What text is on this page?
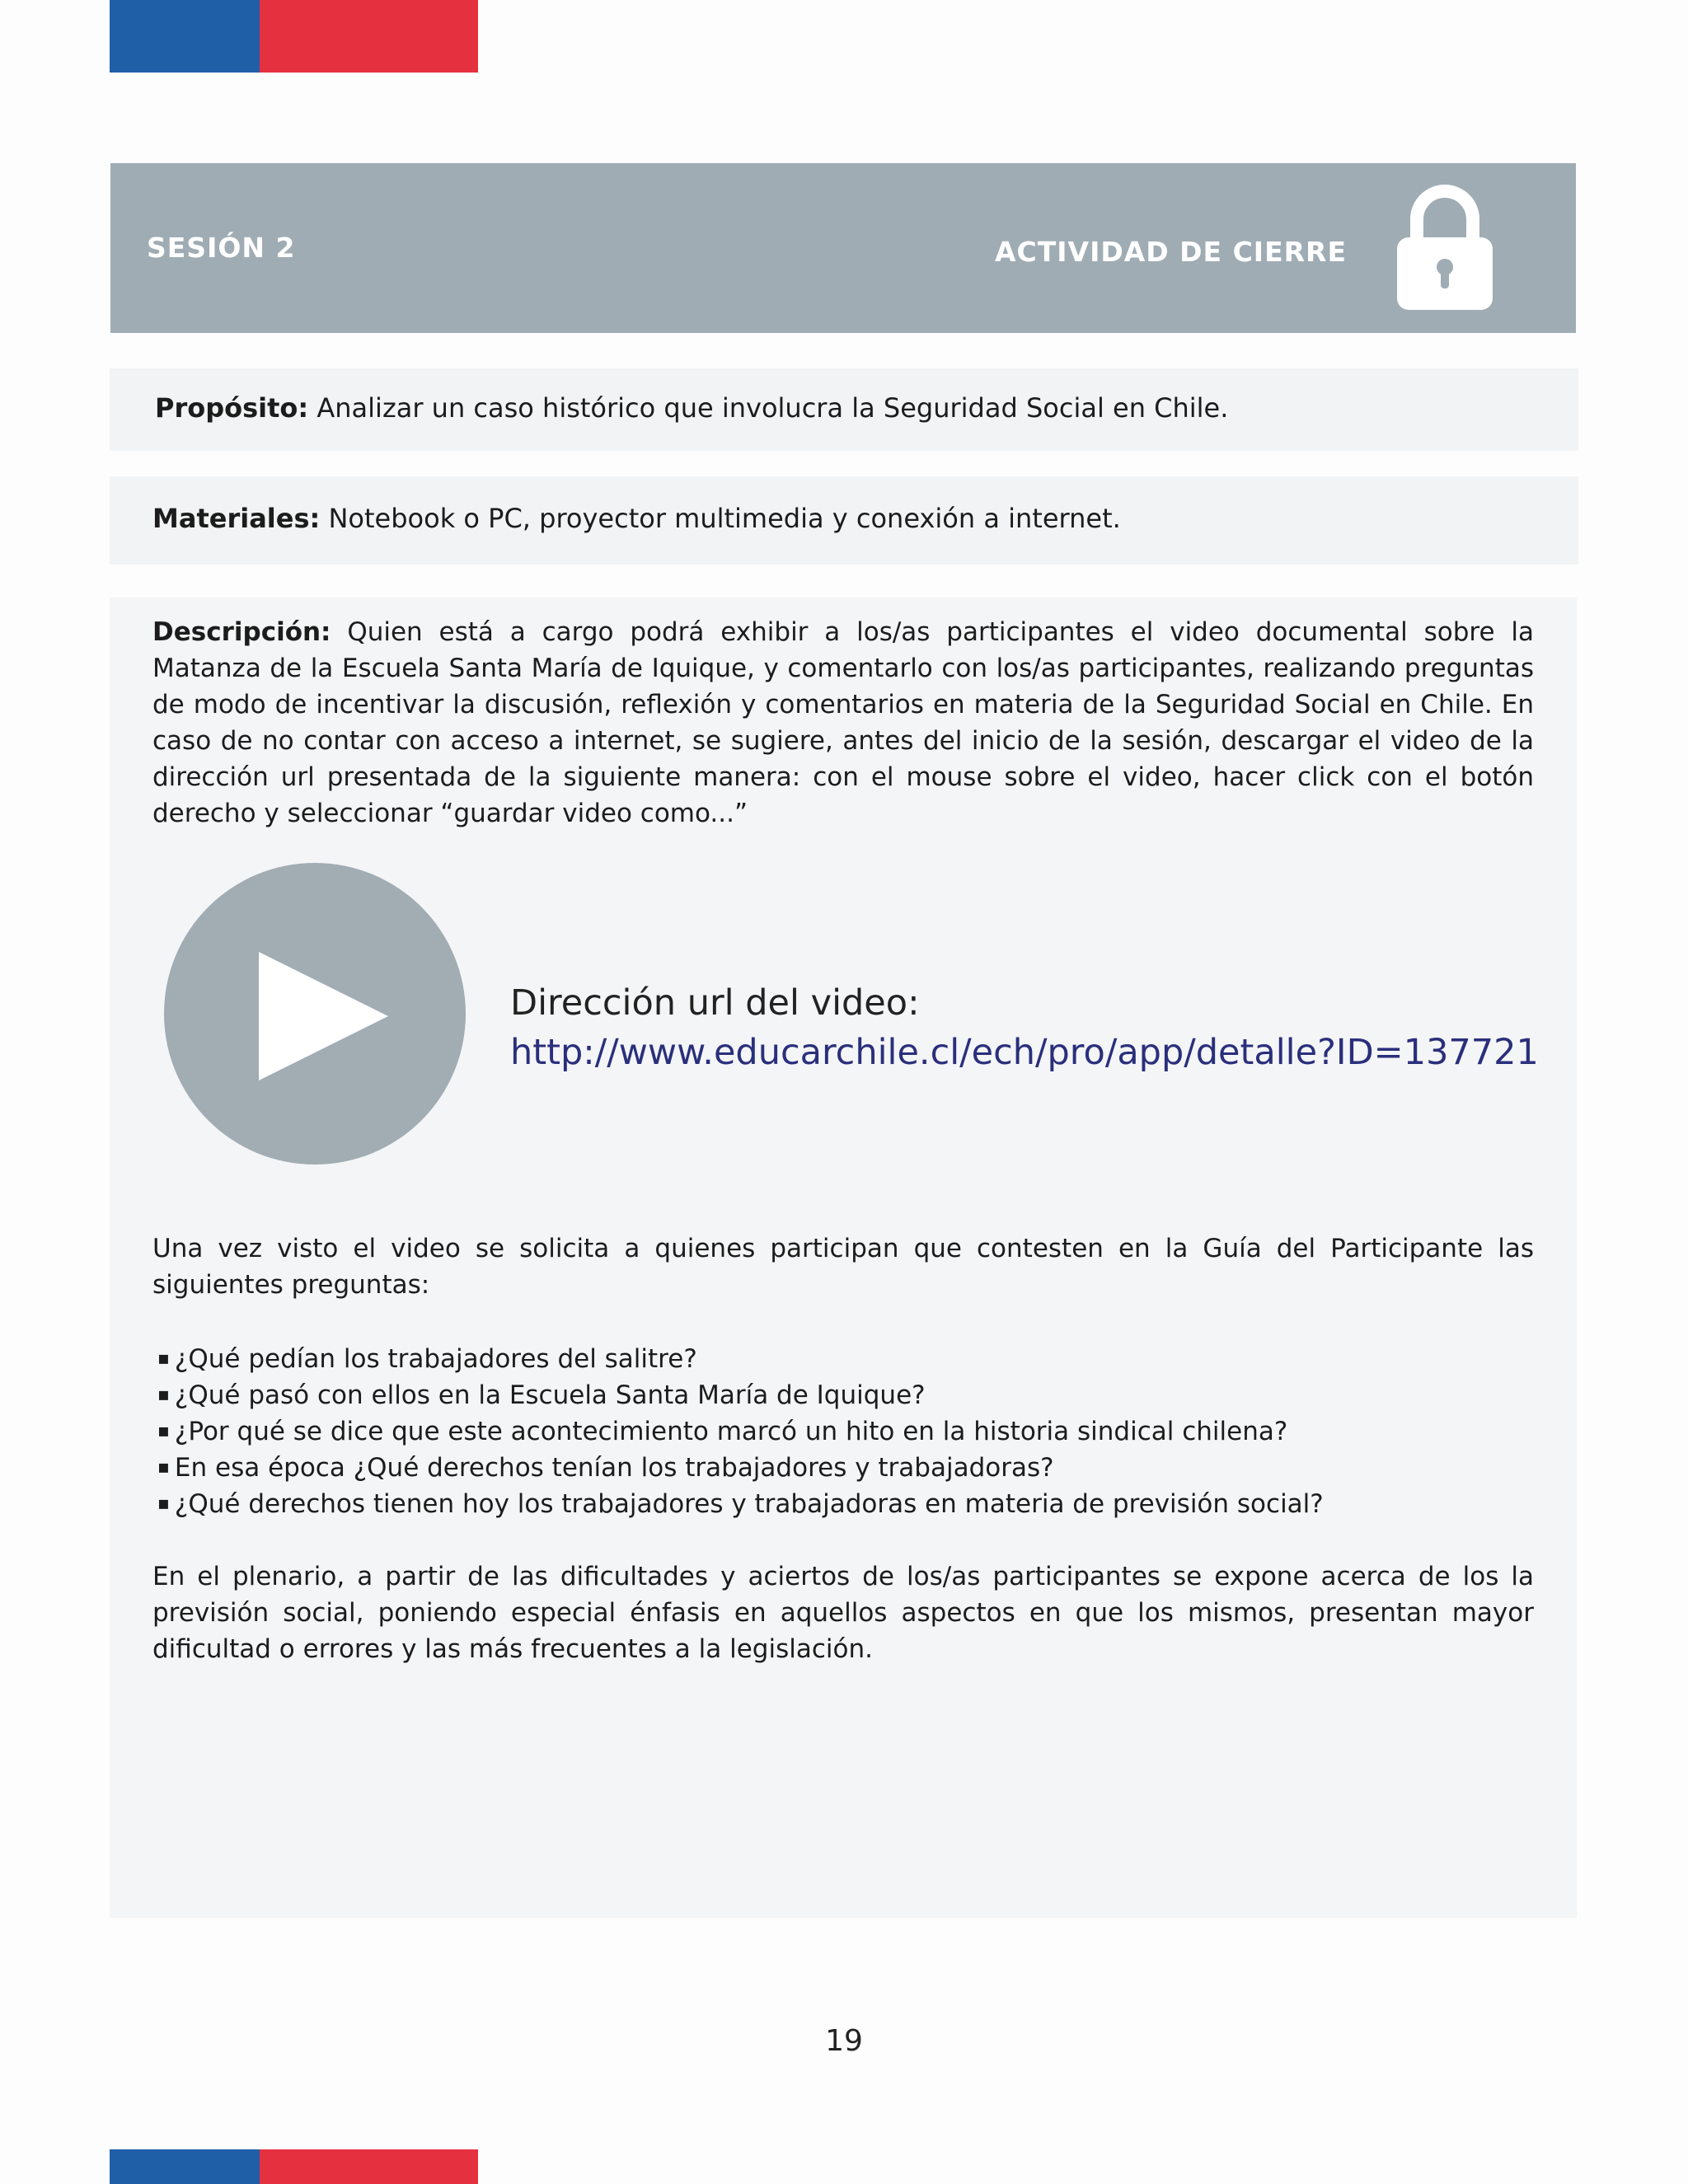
SESIÓN 2	ACTIVIDAD DE CIERRE
Propósito: Analizar un caso histórico que involucra la Seguridad Social en Chile.
Materiales: Notebook o PC, proyector multimedia y conexión a internet.
Descripción: Quien está a cargo podrá exhibir a los/as participantes el video documental sobre la Matanza de la Escuela Santa María de Iquique, y comentarlo con los/as participantes, realizando preguntas de modo de incentivar la discusión, reflexión y comentarios en materia de la Seguridad Social en Chile. En caso de no contar con acceso a internet, se sugiere, antes del inicio de la sesión, descargar el video de la dirección url presentada de la siguiente manera: con el mouse sobre el video, hacer click con el botón derecho y seleccionar “guardar video como...”
Dirección url del video:
http://www.educarchile.cl/ech/pro/app/detalle?ID=137721
Una vez visto el video se solicita a quienes participan que contesten en la Guía del Participante las siguientes preguntas:
▪ ¿Qué pedían los trabajadores del salitre?
▪ ¿Qué pasó con ellos en la Escuela Santa María de Iquique?
▪ ¿Por qué se dice que este acontecimiento marcó un hito en la historia sindical chilena?
▪ En esa época ¿Qué derechos tenían los trabajadores y trabajadoras?
▪ ¿Qué derechos tienen hoy los trabajadores y trabajadoras en materia de previsión social?
En el plenario, a partir de las dificultades y aciertos de los/as participantes se expone acerca de los la previsión social, poniendo especial énfasis en aquellos aspectos en que los mismos, presentan mayor dificultad o errores y las más frecuentes a la legislación.
19
